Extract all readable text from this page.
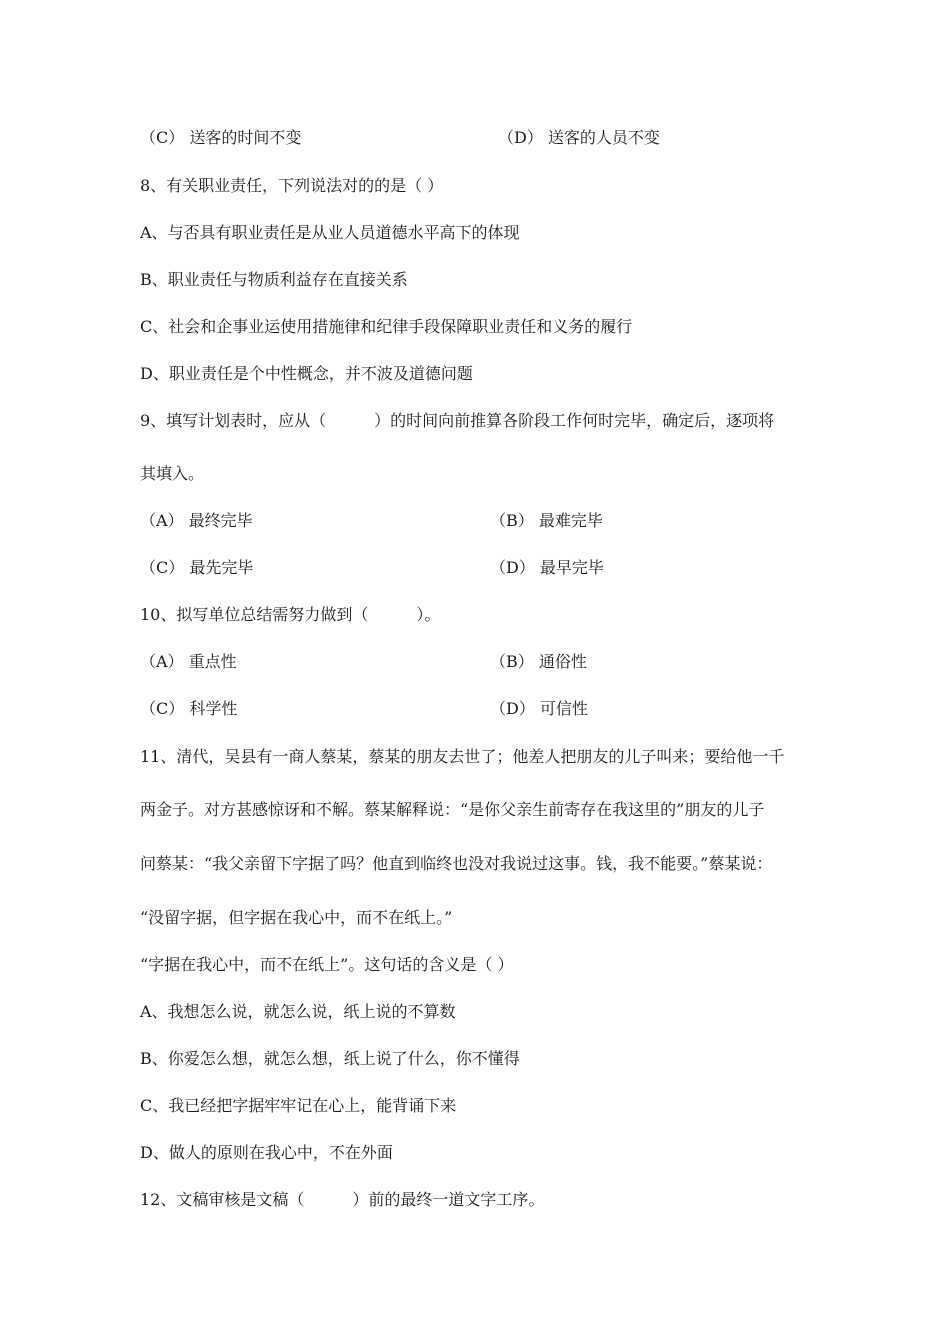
（C） 送客的时间不变	（D） 送客的人员不变
8、有关职业责任，下列说法对的的是（ ）
A、与否具有职业责任是从业人员道德水平高下的体现
B、职业责任与物质利益存在直接关系
C、社会和企事业运使用措施律和纪律手段保障职业责任和义务的履行
D、职业责任是个中性概念，并不波及道德问题
9、填写计划表时，应从（　　　）的时间向前推算各阶段工作何时完毕，确定后，逐项将
其填入。
（A） 最终完毕	（B） 最难完毕
（C） 最先完毕	（D） 最早完毕
10、拟写单位总结需努力做到（　　　）。
（A） 重点性	（B） 通俗性
（C） 科学性	（D） 可信性
11、清代，吴县有一商人蔡某，蔡某的朋友去世了；他差人把朋友的儿子叫来；要给他一千
两金子。对方甚感惊讶和不解。蔡某解释说：“是你父亲生前寄存在我这里的”朋友的儿子
问蔡某：“我父亲留下字据了吗？他直到临终也没对我说过这事。钱，我不能要。”蔡某说：
“没留字据，但字据在我心中，而不在纸上。”
“字据在我心中，而不在纸上”。这句话的含义是（ ）
A、我想怎么说，就怎么说，纸上说的不算数
B、你爱怎么想，就怎么想，纸上说了什么，你不懂得
C、我已经把字据牢牢记在心上，能背诵下来
D、做人的原则在我心中，不在外面
12、文稿审核是文稿（　　　）前的最终一道文字工序。
